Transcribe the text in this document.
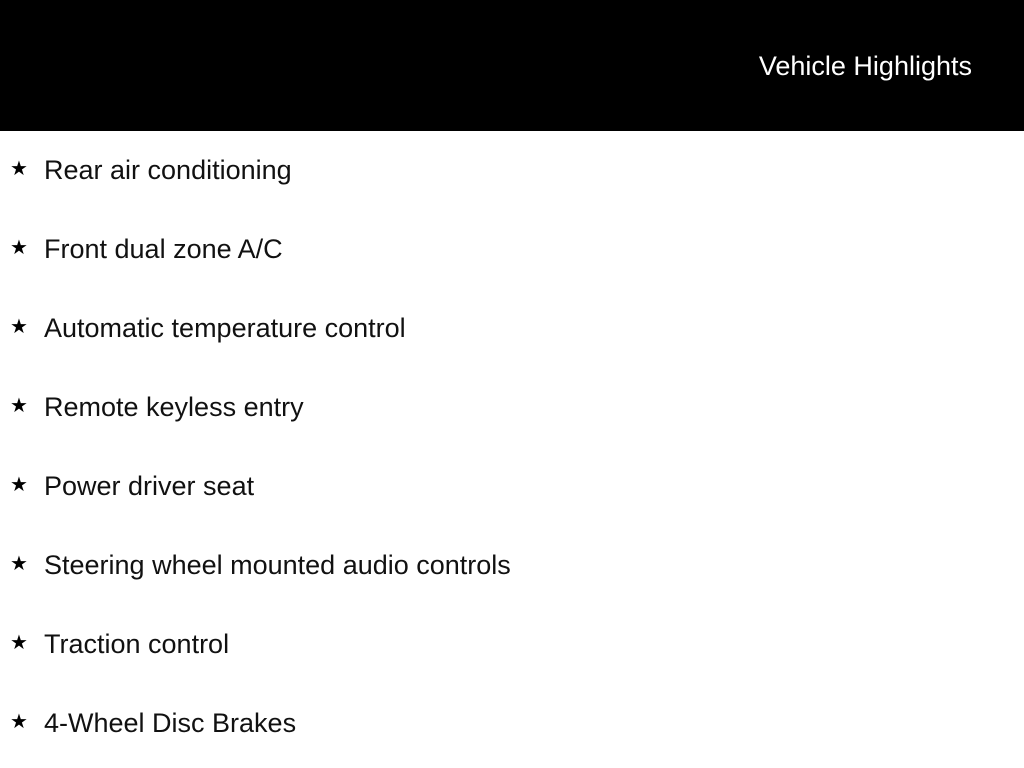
Vehicle Highlights
★ Rear air conditioning
★ Front dual zone A/C
★ Automatic temperature control
★ Remote keyless entry
★ Power driver seat
★ Steering wheel mounted audio controls
★ Traction control
★ 4-Wheel Disc Brakes
